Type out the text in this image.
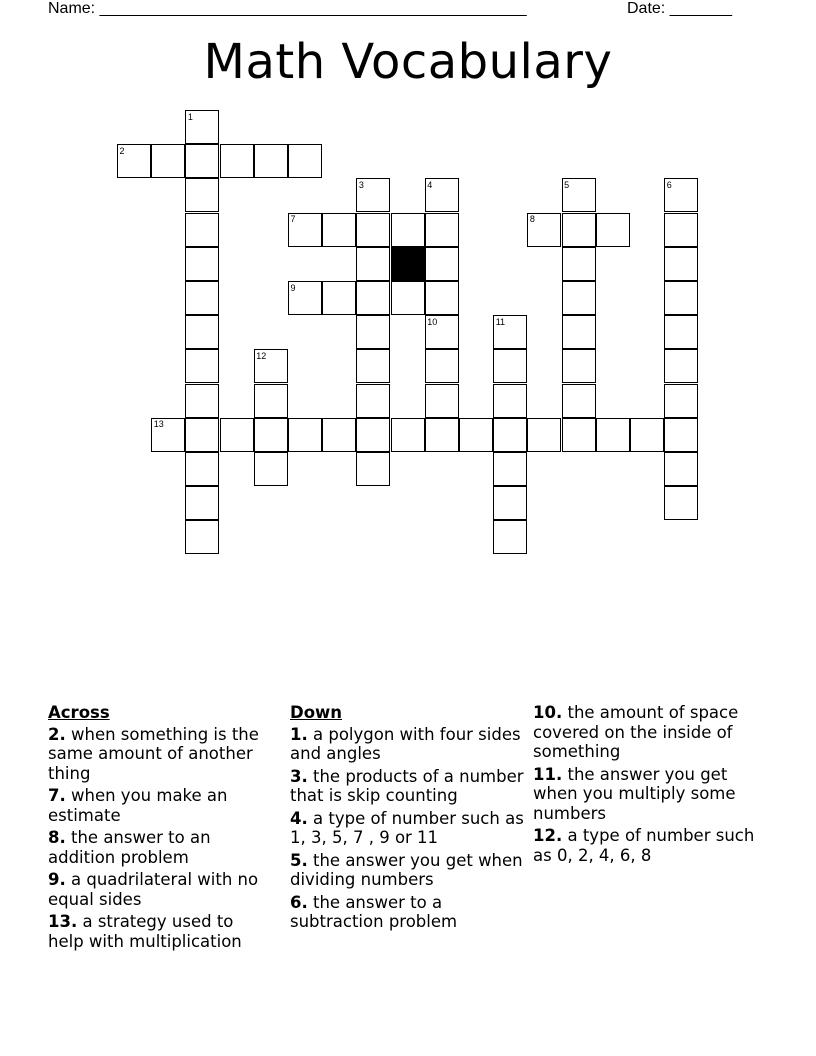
Name: ________________________________________________	Date: _______
Math Vocabulary
1
2
3	4	5	6
7	8
9
10	11
12
13
Across
2. when something is the same amount of another thing
7. when you make an estimate
8. the answer to an addition problem
9. a quadrilateral with no equal sides
13. a strategy used to help with multiplication
Down
1. a polygon with four sides and angles
3. the products of a number that is skip counting
4. a type of number such as 1, 3, 5, 7 , 9 or 11
5. the answer you get when dividing numbers
6. the answer to a subtraction problem
10. the amount of space covered on the inside of something
11. the answer you get when you multiply some numbers
12. a type of number such as 0, 2, 4, 6, 8
